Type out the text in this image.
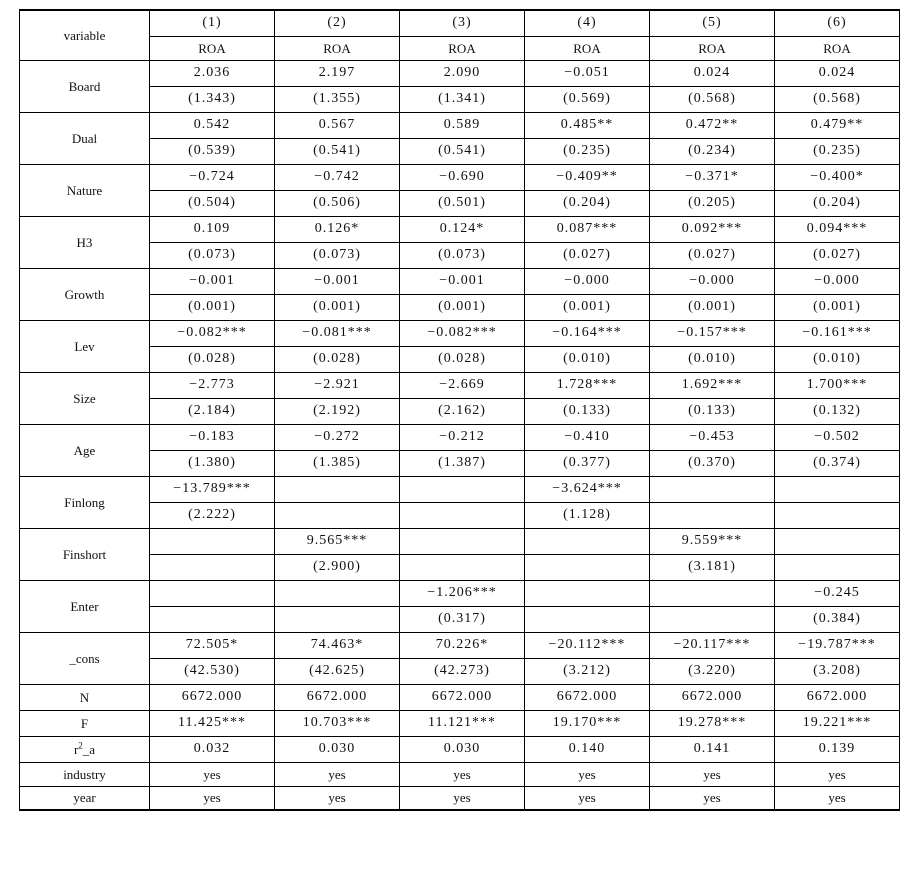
variable	(1)	(2)	(3)	(4)	(5)	(6)
	ROA	ROA	ROA	ROA	ROA	ROA
Board	2.036	2.197	2.090	−0.051	0.024	0.024
	(1.343)	(1.355)	(1.341)	(0.569)	(0.568)	(0.568)
Dual	0.542	0.567	0.589	0.485**	0.472**	0.479**
	(0.539)	(0.541)	(0.541)	(0.235)	(0.234)	(0.235)
Nature	−0.724	−0.742	−0.690	−0.409**	−0.371*	−0.400*
	(0.504)	(0.506)	(0.501)	(0.204)	(0.205)	(0.204)
H3	0.109	0.126*	0.124*	0.087***	0.092***	0.094***
	(0.073)	(0.073)	(0.073)	(0.027)	(0.027)	(0.027)
Growth	−0.001	−0.001	−0.001	−0.000	−0.000	−0.000
	(0.001)	(0.001)	(0.001)	(0.001)	(0.001)	(0.001)
Lev	−0.082***	−0.081***	−0.082***	−0.164***	−0.157***	−0.161***
	(0.028)	(0.028)	(0.028)	(0.010)	(0.010)	(0.010)
Size	−2.773	−2.921	−2.669	1.728***	1.692***	1.700***
	(2.184)	(2.192)	(2.162)	(0.133)	(0.133)	(0.132)
Age	−0.183	−0.272	−0.212	−0.410	−0.453	−0.502
	(1.380)	(1.385)	(1.387)	(0.377)	(0.370)	(0.374)
Finlong	−13.789***			−3.624***		
	(2.222)			(1.128)		
Finshort		9.565***			9.559***	
		(2.900)			(3.181)	
Enter			−1.206***			−0.245
			(0.317)			(0.384)
_cons	72.505*	74.463*	70.226*	−20.112***	−20.117***	−19.787***
	(42.530)	(42.625)	(42.273)	(3.212)	(3.220)	(3.208)
N	6672.000	6672.000	6672.000	6672.000	6672.000	6672.000
F	11.425***	10.703***	11.121***	19.170***	19.278***	19.221***
$r^2\_a$	0.032	0.030	0.030	0.140	0.141	0.139
industry	yes	yes	yes	yes	yes	yes
year	yes	yes	yes	yes	yes	yes
